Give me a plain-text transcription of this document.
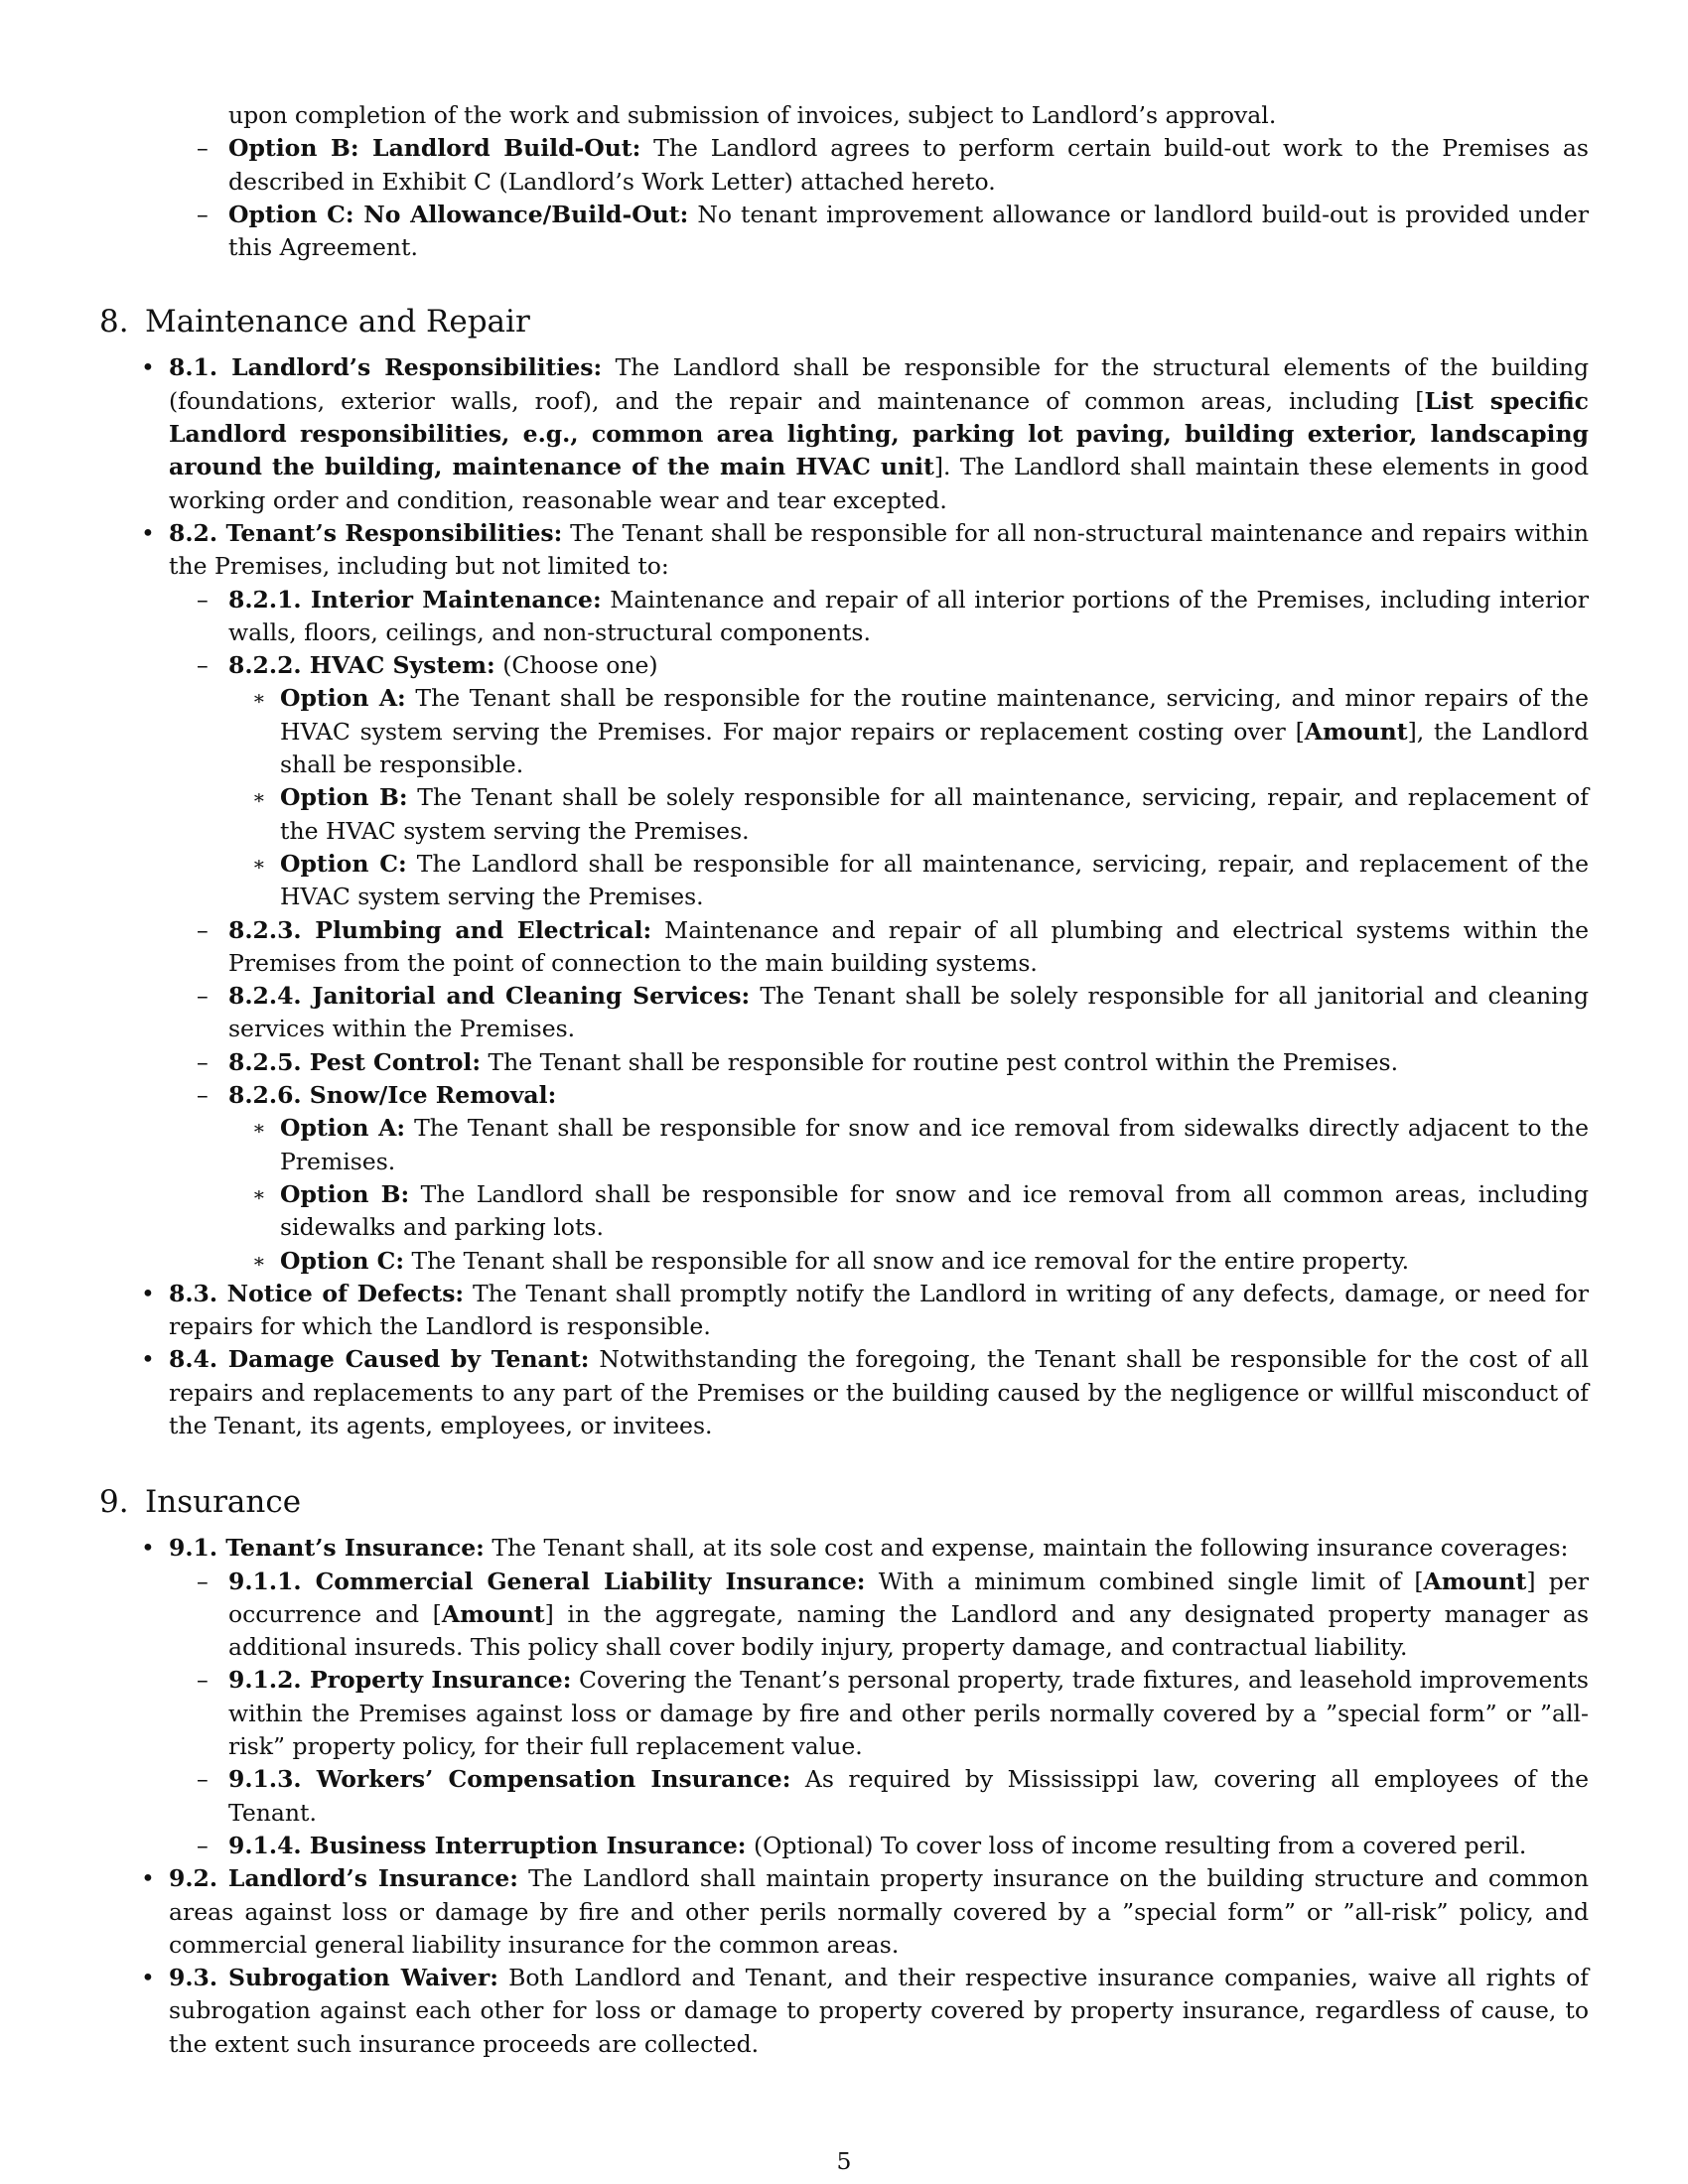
upon completion of the work and submission of invoices, subject to Landlord’s approval.
– Option B: Landlord Build-Out: The Landlord agrees to perform certain build-out work to the Premises as described in Exhibit C (Landlord’s Work Letter) attached hereto.
– Option C: No Allowance/Build-Out: No tenant improvement allowance or landlord build-out is provided under this Agreement.
8. Maintenance and Repair
• 8.1. Landlord’s Responsibilities: The Landlord shall be responsible for the structural elements of the building (foundations, exterior walls, roof), and the repair and maintenance of common areas, including [List specific Landlord responsibilities, e.g., common area lighting, parking lot paving, building exterior, landscaping around the building, maintenance of the main HVAC unit]. The Landlord shall maintain these elements in good working order and condition, reasonable wear and tear excepted.
• 8.2. Tenant’s Responsibilities: The Tenant shall be responsible for all non-structural maintenance and repairs within the Premises, including but not limited to:
– 8.2.1. Interior Maintenance: Maintenance and repair of all interior portions of the Premises, including interior walls, floors, ceilings, and non-structural components.
– 8.2.2. HVAC System: (Choose one)
∗ Option A: The Tenant shall be responsible for the routine maintenance, servicing, and minor repairs of the HVAC system serving the Premises. For major repairs or replacement costing over [Amount], the Landlord shall be responsible.
∗ Option B: The Tenant shall be solely responsible for all maintenance, servicing, repair, and replacement of the HVAC system serving the Premises.
∗ Option C: The Landlord shall be responsible for all maintenance, servicing, repair, and replacement of the HVAC system serving the Premises.
– 8.2.3. Plumbing and Electrical: Maintenance and repair of all plumbing and electrical systems within the Premises from the point of connection to the main building systems.
– 8.2.4. Janitorial and Cleaning Services: The Tenant shall be solely responsible for all janitorial and cleaning services within the Premises.
– 8.2.5. Pest Control: The Tenant shall be responsible for routine pest control within the Premises.
– 8.2.6. Snow/Ice Removal:
∗ Option A: The Tenant shall be responsible for snow and ice removal from sidewalks directly adjacent to the Premises.
∗ Option B: The Landlord shall be responsible for snow and ice removal from all common areas, including sidewalks and parking lots.
∗ Option C: The Tenant shall be responsible for all snow and ice removal for the entire property.
• 8.3. Notice of Defects: The Tenant shall promptly notify the Landlord in writing of any defects, damage, or need for repairs for which the Landlord is responsible.
• 8.4. Damage Caused by Tenant: Notwithstanding the foregoing, the Tenant shall be responsible for the cost of all repairs and replacements to any part of the Premises or the building caused by the negligence or willful misconduct of the Tenant, its agents, employees, or invitees.
9. Insurance
• 9.1. Tenant’s Insurance: The Tenant shall, at its sole cost and expense, maintain the following insurance coverages:
– 9.1.1. Commercial General Liability Insurance: With a minimum combined single limit of [Amount] per occurrence and [Amount] in the aggregate, naming the Landlord and any designated property manager as additional insureds. This policy shall cover bodily injury, property damage, and contractual liability.
– 9.1.2. Property Insurance: Covering the Tenant’s personal property, trade fixtures, and leasehold improvements within the Premises against loss or damage by fire and other perils normally covered by a ”special form” or ”all-risk” property policy, for their full replacement value.
– 9.1.3. Workers’ Compensation Insurance: As required by Mississippi law, covering all employees of the Tenant.
– 9.1.4. Business Interruption Insurance: (Optional) To cover loss of income resulting from a covered peril.
• 9.2. Landlord’s Insurance: The Landlord shall maintain property insurance on the building structure and common areas against loss or damage by fire and other perils normally covered by a ”special form” or ”all-risk” policy, and commercial general liability insurance for the common areas.
• 9.3. Subrogation Waiver: Both Landlord and Tenant, and their respective insurance companies, waive all rights of subrogation against each other for loss or damage to property covered by property insurance, regardless of cause, to the extent such insurance proceeds are collected.
5
